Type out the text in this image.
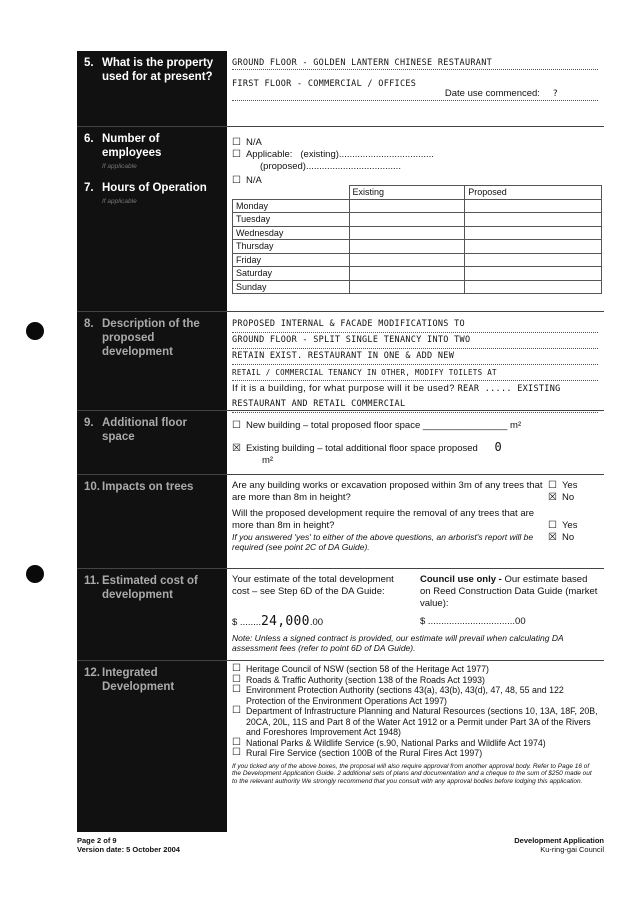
5. What is the property used for at present?
GROUND FLOOR - GOLDEN LANTERN CHINESE RESTAURANT
FIRST FLOOR - COMMERCIAL / OFFICES
Date use commenced: ?
6. Number of employees
If applicable
☐ N/A
☐ Applicable: (existing)....................................
(proposed)....................................
7. Hours of Operation
If applicable
☐ N/A
	Existing	Proposed
Monday		
Tuesday		
Wednesday		
Thursday		
Friday		
Saturday		
Sunday		
8. Description of the proposed development
PROPOSED INTERNAL & FACADE MODIFICATIONS TO
GROUND FLOOR - SPLIT SINGLE TENANCY INTO TWO
RETAIN EXIST. RESTAURANT IN ONE & ADD NEW
RETAIL / COMMERCIAL TENANCY IN OTHER, MODIFY TOILETS AT
If it is a building, for what purpose will it be used? REAR ..... EXISTING
RESTAURANT AND RETAIL COMMERCIAL
9. Additional floor space
☐ New building – total proposed floor space ________________ m²
☒ Existing building – total additional floor space proposed 0
m²
10. Impacts on trees	Are any building works or excavation proposed within 3m of any trees that are more than 8m in height?
☐ Yes
☒ No
Will the proposed development require the removal of any trees that are more than 8m in height?	☐ Yes
If you answered 'yes' to either of the above questions, an arborist's report will be required (see point 2C of DA Guide).
☒ No
11. Estimated cost of development
Your estimate of the total development cost – see Step 6D of the DA Guide:
Council use only - Our estimate based on Reed Construction Data Guide (market value):
$ ........24,000.00	$ .................................00
Note: Unless a signed contract is provided, our estimate will prevail when calculating DA assessment fees (refer to point 6D of DA Guide).
12. Integrated Development
☐ Heritage Council of NSW (section 58 of the Heritage Act 1977)
☐ Roads & Traffic Authority (section 138 of the Roads Act 1993)
☐ Environment Protection Authority (sections 43(a), 43(b), 43(d), 47, 48, 55 and 122 Protection of the Environment Operations Act 1997)
☐ Department of Infrastructure Planning and Natural Resources (sections 10, 13A, 18F, 20B, 20CA, 20L, 11S and Part 8 of the Water Act 1912 or a Permit under Part 3A of the Rivers and Foreshores Improvement Act 1948)
☐ National Parks & Wildlife Service (s.90, National Parks and Wildlife Act 1974)
☐ Rural Fire Service (section 100B of the Rural Fires Act 1997)
If you ticked any of the above boxes, the proposal will also require approval from another approval body. Refer to Page 16 of the Development Application Guide. 2 additional sets of plans and documentation and a cheque to the sum of $250 made out to the relevant authority We strongly recommend that you consult with any approval bodies before lodging this application.
Page 2 of 9
Version date: 5 October 2004
Development Application
Ku-ring-gai Council
